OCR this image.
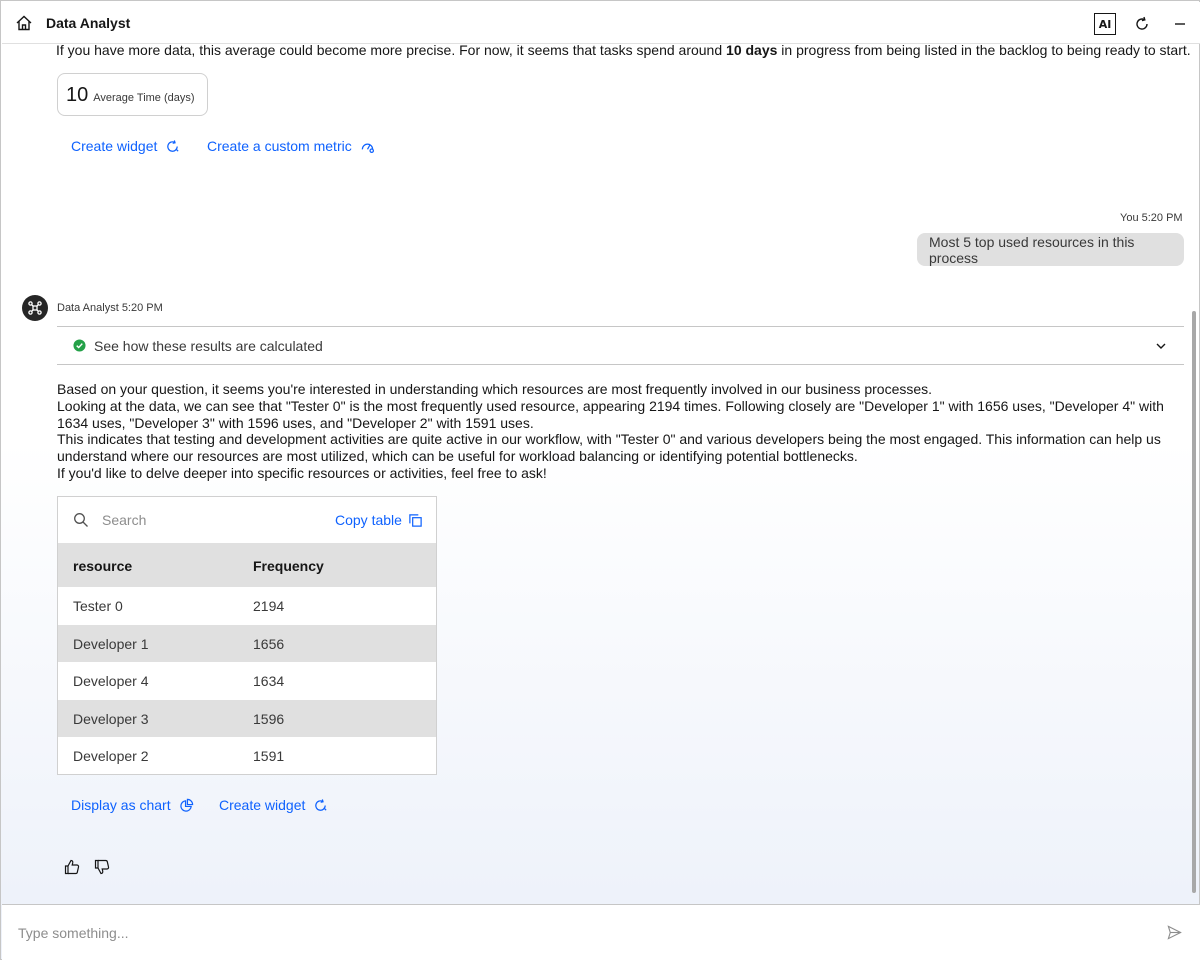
Data Analyst	AI
If you have more data, this average could become more precise. For now, it seems that tasks spend around 10 days in progress from being listed in the backlog to being ready to start.
10 Average Time (days)
Create widget	Create a custom metric
You 5:20 PM
Most 5 top used resources in this process
Data Analyst 5:20 PM
See how these results are calculated
Based on your question, it seems you're interested in understanding which resources are most frequently involved in our business processes.
Looking at the data, we can see that "Tester 0" is the most frequently used resource, appearing 2194 times. Following closely are "Developer 1" with 1656 uses, "Developer 4" with 1634 uses, "Developer 3" with 1596 uses, and "Developer 2" with 1591 uses.
This indicates that testing and development activities are quite active in our workflow, with "Tester 0" and various developers being the most engaged. This information can help us understand where our resources are most utilized, which can be useful for workload balancing or identifying potential bottlenecks.
If you'd like to delve deeper into specific resources or activities, feel free to ask!
Search
Copy table
resource	Frequency
Tester 0	2194
Developer 1	1656
Developer 4	1634
Developer 3	1596
Developer 2	1591
Display as chart	Create widget
Type something...
